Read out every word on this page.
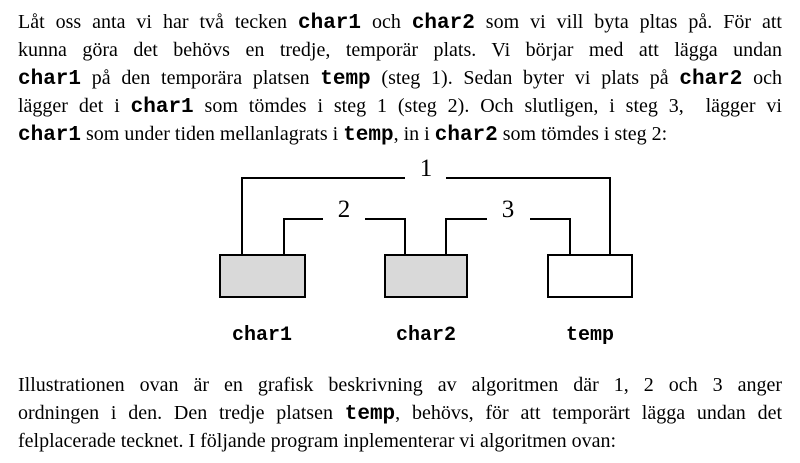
Låt oss anta vi har två tecken char1 och char2 som vi vill byta pltas på. För att
kunna göra det behövs en tredje, temporär plats. Vi börjar med att lägga undan
char1 på den temporära platsen temp (steg 1). Sedan byter vi plats på char2 och
lägger det i char1 som tömdes i steg 1 (steg 2). Och slutligen, i steg 3,  lägger vi
char1 som under tiden mellanlagrats i temp, in i char2 som tömdes i steg 2:
1
2	3
char1	char2	temp
Illustrationen ovan är en grafisk beskrivning av algoritmen där 1, 2 och 3 anger
ordningen i den. Den tredje platsen temp, behövs, för att temporärt lägga undan det
felplacerade tecknet. I följande program inplementerar vi algoritmen ovan:
